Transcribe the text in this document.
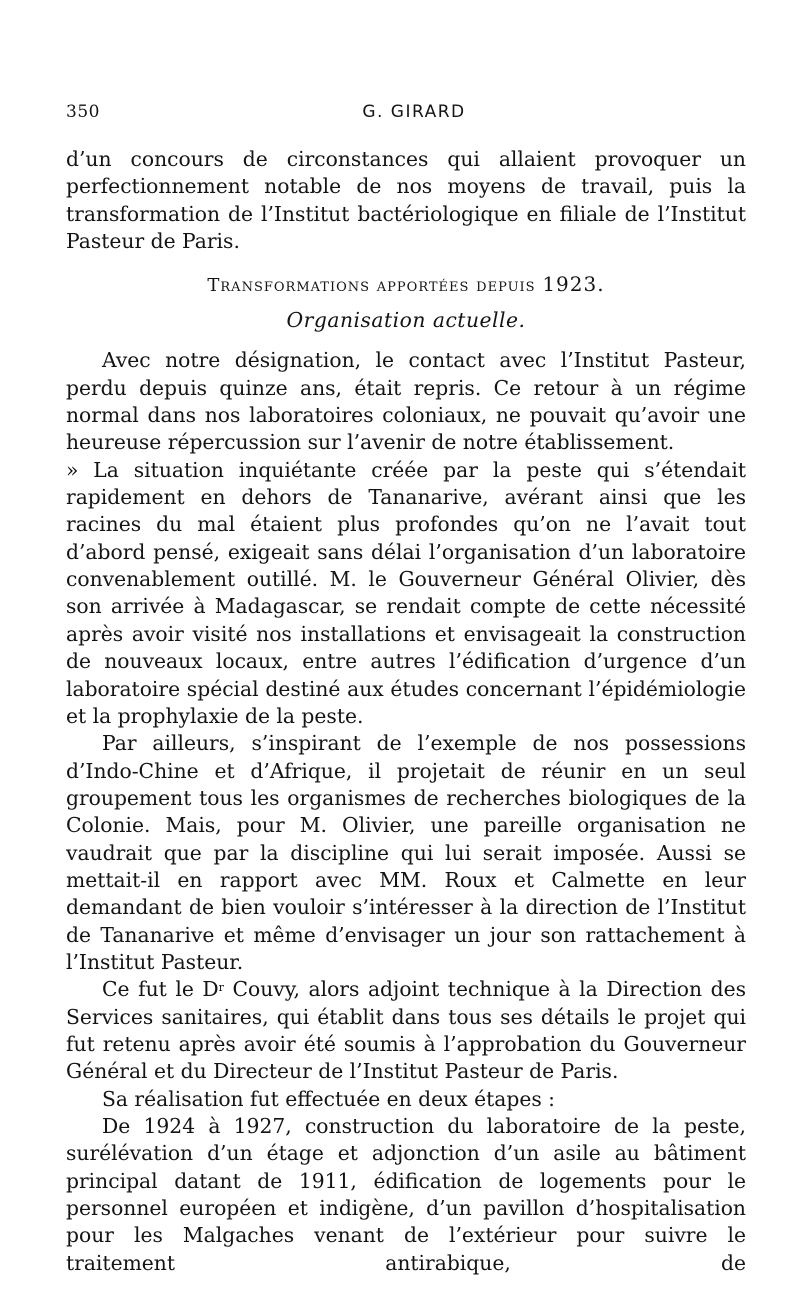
350	G. GIRARD

d’un concours de circonstances qui allaient provoquer un perfectionnement notable de nos moyens de travail, puis la transformation de l’Institut bactériologique en filiale de l’Institut Pasteur de Paris.

Transformations apportées depuis 1923.
Organisation actuelle.

Avec notre désignation, le contact avec l’Institut Pasteur, perdu depuis quinze ans, était repris. Ce retour à un régime normal dans nos laboratoires coloniaux, ne pouvait qu’avoir une heureuse répercussion sur l’avenir de notre établissement.

» La situation inquiétante créée par la peste qui s’étendait rapidement en dehors de Tananarive, avérant ainsi que les racines du mal étaient plus profondes qu’on ne l’avait tout d’abord pensé, exigeait sans délai l’organisation d’un laboratoire convenablement outillé. M. le Gouverneur Général Olivier, dès son arrivée à Madagascar, se rendait compte de cette nécessité après avoir visité nos installations et envisageait la construction de nouveaux locaux, entre autres l’édification d’urgence d’un laboratoire spécial destiné aux études concernant l’épidémiologie et la prophylaxie de la peste.

Par ailleurs, s’inspirant de l’exemple de nos possessions d’Indo-Chine et d’Afrique, il projetait de réunir en un seul groupement tous les organismes de recherches biologiques de la Colonie. Mais, pour M. Olivier, une pareille organisation ne vaudrait que par la discipline qui lui serait imposée. Aussi se mettait-il en rapport avec MM. Roux et Calmette en leur demandant de bien vouloir s’intéresser à la direction de l’Institut de Tananarive et même d’envisager un jour son rattachement à l’Institut Pasteur.

Ce fut le $D^r$ Couvy, alors adjoint technique à la Direction des Services sanitaires, qui établit dans tous ses détails le projet qui fut retenu après avoir été soumis à l’approbation du Gouverneur Général et du Directeur de l’Institut Pasteur de Paris.

Sa réalisation fut effectuée en deux étapes :

De 1924 à 1927, construction du laboratoire de la peste, surélévation d’un étage et adjonction d’un asile au bâtiment principal datant de 1911, édification de logements pour le personnel européen et indigène, d’un pavillon d’hospitalisation pour les Malgaches venant de l’extérieur pour suivre le traitement antirabique, de
